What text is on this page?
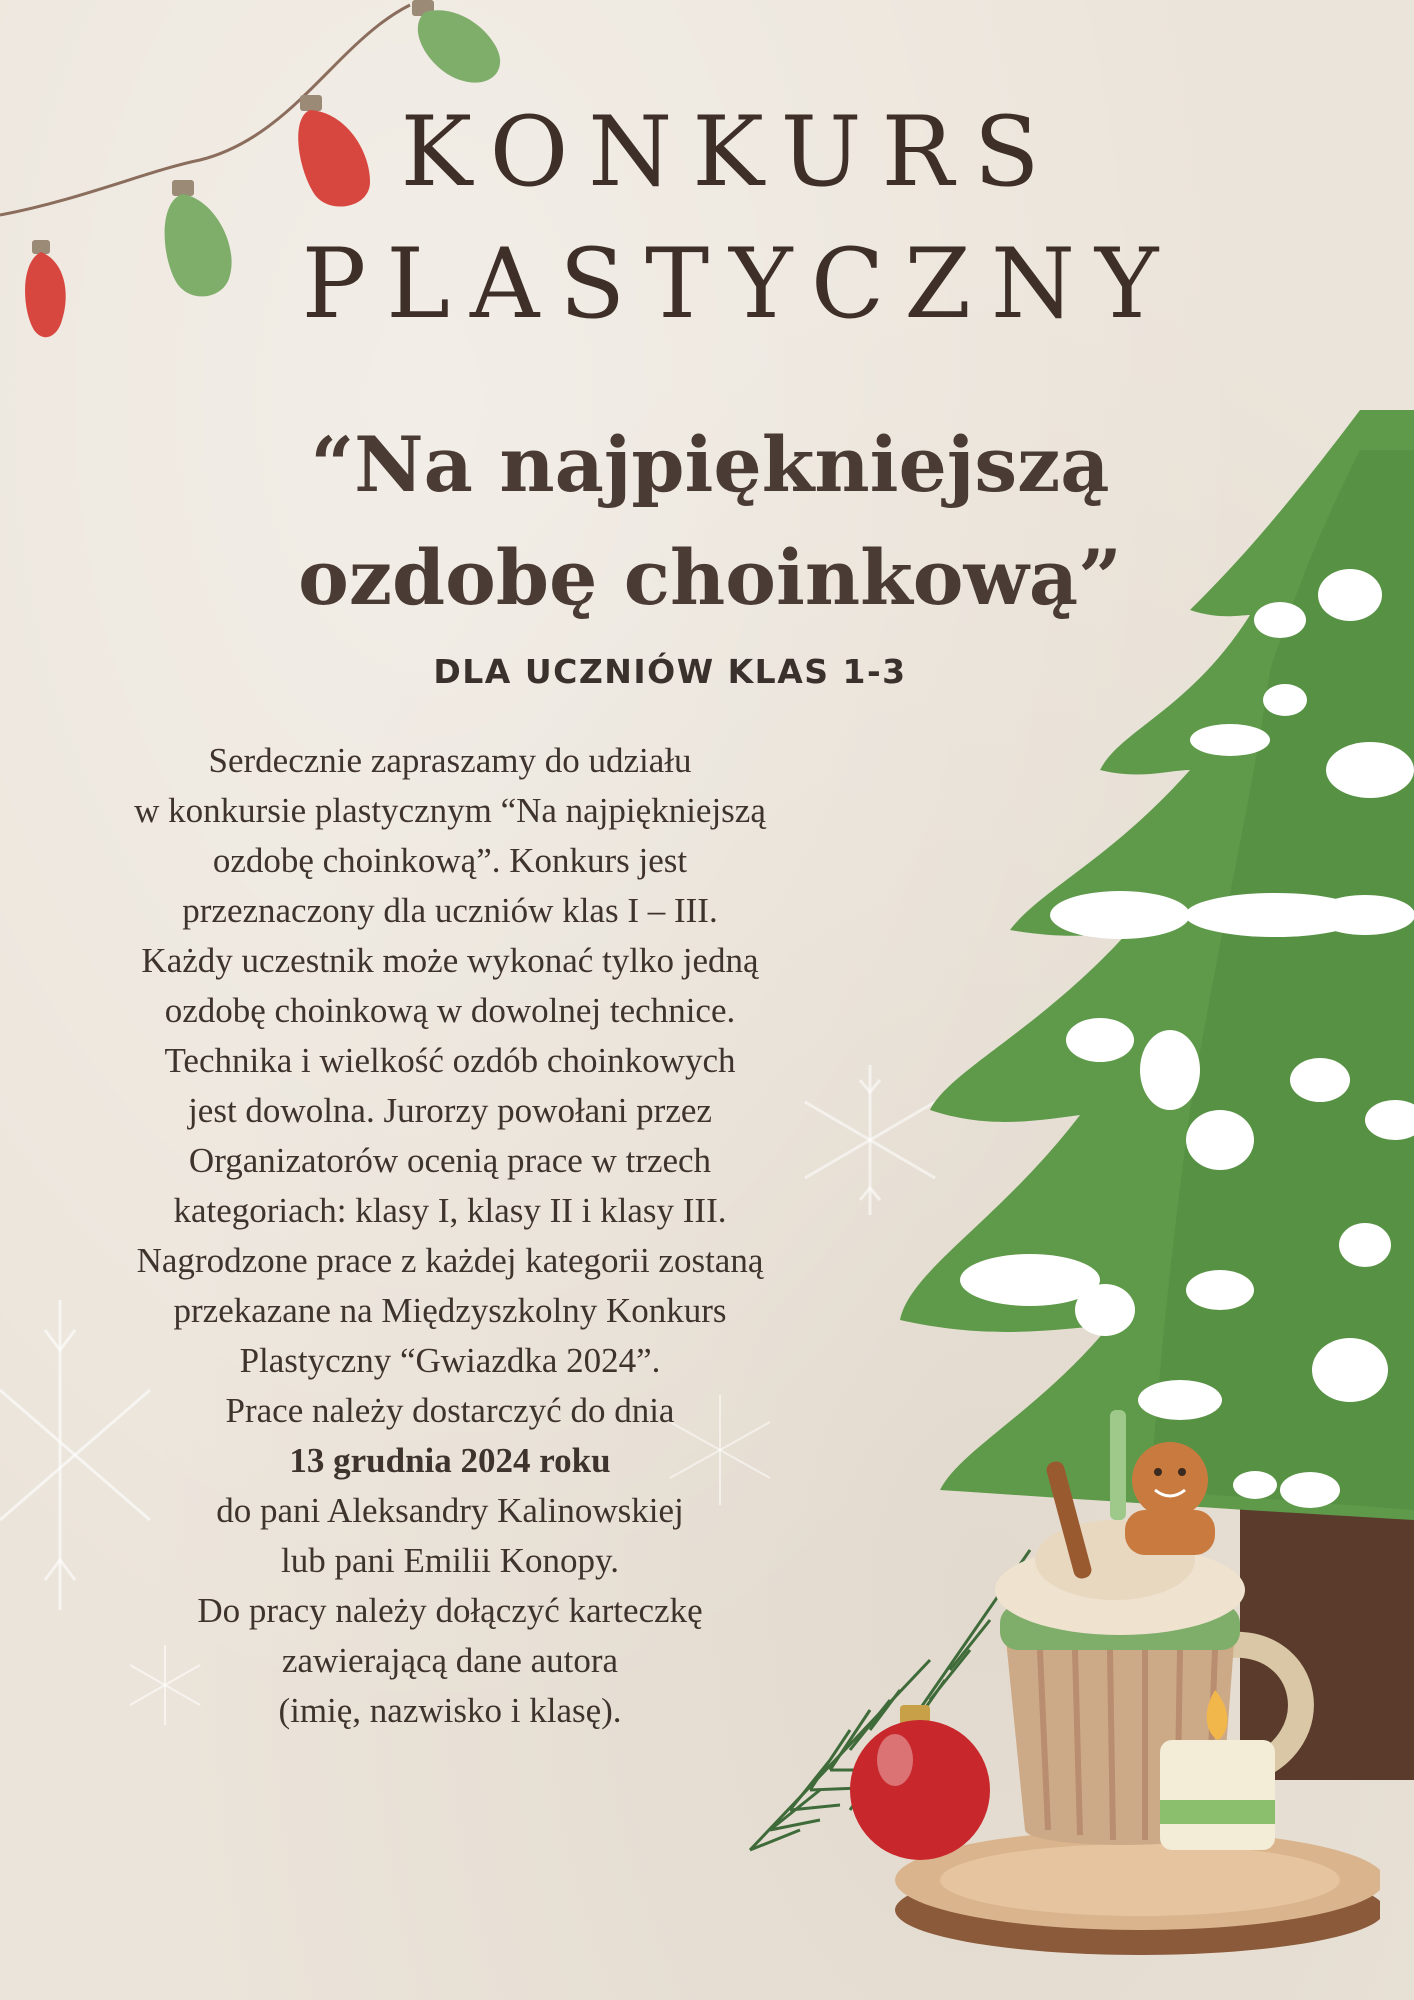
KONKURS
PLASTYCZNY
“Na najpiękniejszą
ozdobę choinkową”
DLA UCZNIÓW KLAS 1-3
Serdecznie zapraszamy do udziału
w konkursie plastycznym “Na najpiękniejszą
ozdobę choinkową”. Konkurs jest
przeznaczony dla uczniów klas I – III.
Każdy uczestnik może wykonać tylko jedną
ozdobę choinkową w dowolnej technice.
Technika i wielkość ozdób choinkowych
jest dowolna. Jurorzy powołani przez
Organizatorów ocenią prace w trzech
kategoriach: klasy I, klasy II i klasy III.
Nagrodzone prace z każdej kategorii zostaną
przekazane na Międzyszkolny Konkurs
Plastyczny “Gwiazdka 2024”.
Prace należy dostarczyć do dnia
13 grudnia 2024 roku
do pani Aleksandry Kalinowskiej
lub pani Emilii Konopy.
Do pracy należy dołączyć karteczkę
zawierającą dane autora
(imię, nazwisko i klasę).
